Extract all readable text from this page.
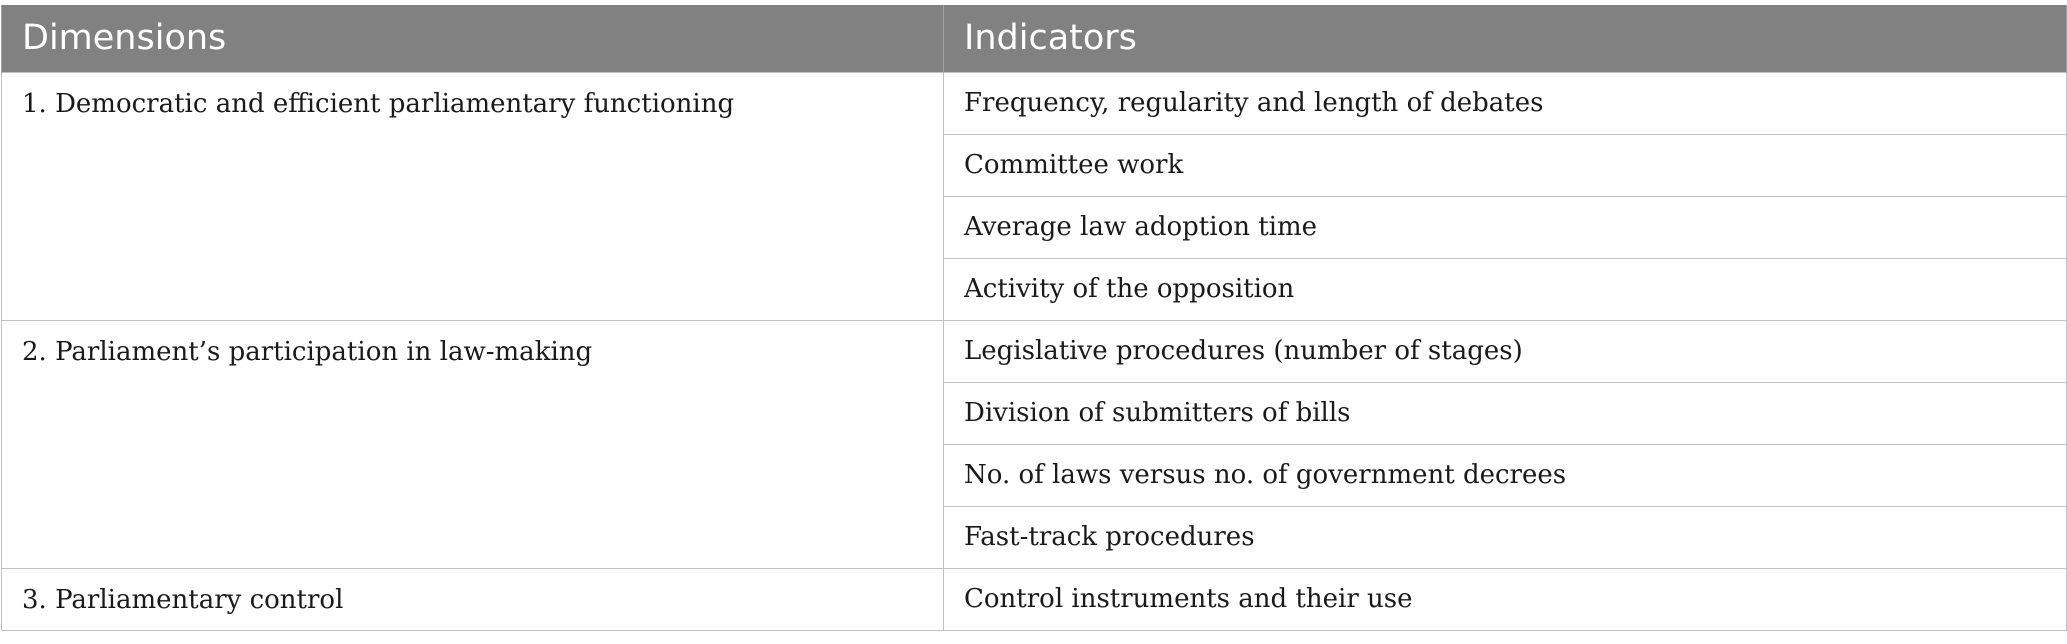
Dimensions	Indicators
1. Democratic and efficient parliamentary functioning	Frequency, regularity and length of debates
	Committee work
	Average law adoption time
	Activity of the opposition
2. Parliament’s participation in law-making	Legislative procedures (number of stages)
	Division of submitters of bills
	No. of laws versus no. of government decrees
	Fast-track procedures
3. Parliamentary control	Control instruments and their use
